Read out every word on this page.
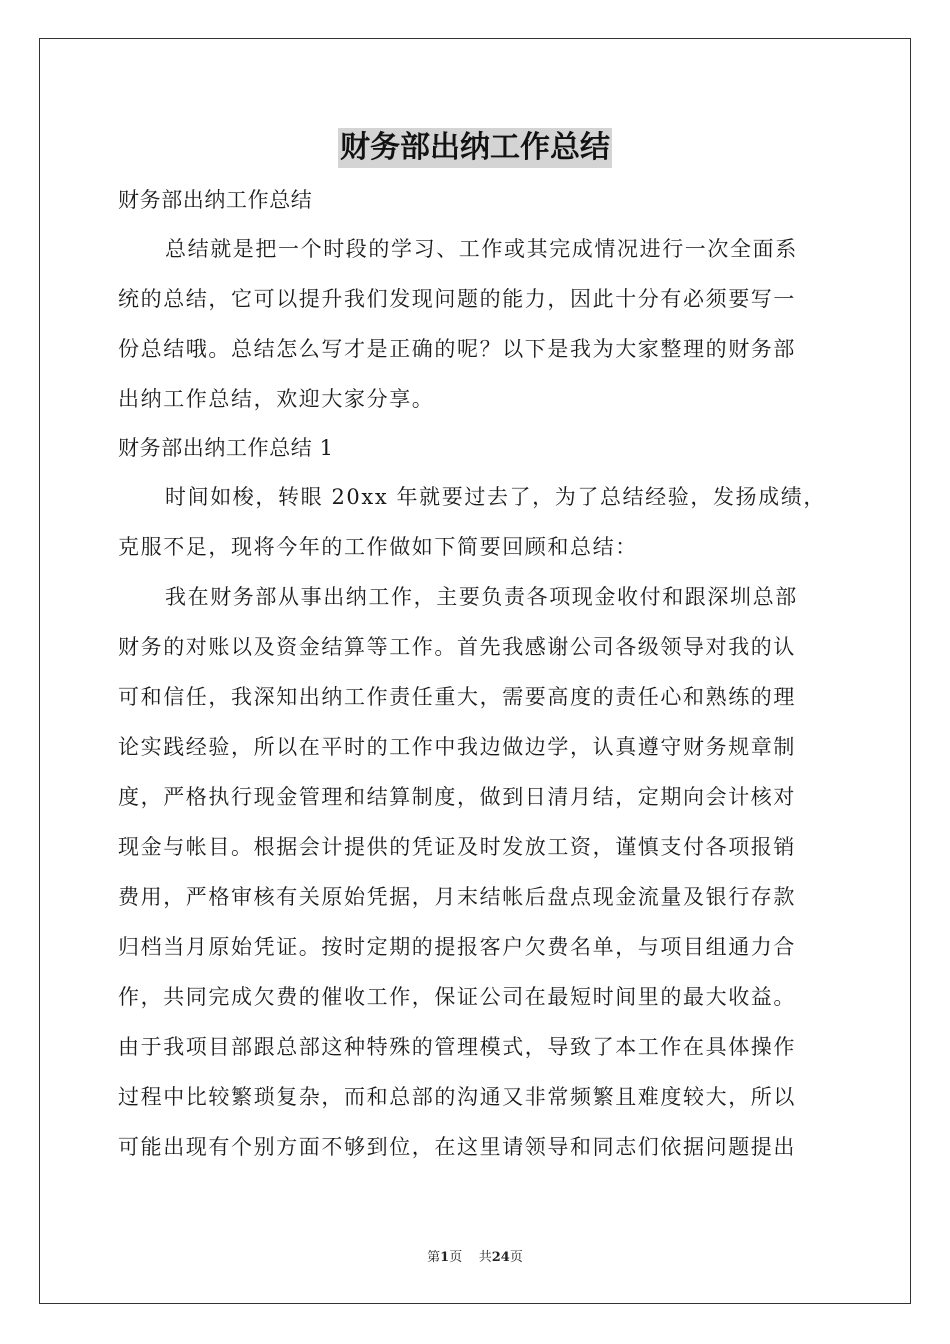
财务部出纳工作总结
财务部出纳工作总结
总结就是把一个时段的学习、工作或其完成情况进行一次全面系
统的总结，它可以提升我们发现问题的能力，因此十分有必须要写一
份总结哦。总结怎么写才是正确的呢？以下是我为大家整理的财务部
出纳工作总结，欢迎大家分享。
财务部出纳工作总结 1
时间如梭，转眼 20xx 年就要过去了，为了总结经验，发扬成绩，
克服不足，现将今年的工作做如下简要回顾和总结：
我在财务部从事出纳工作，主要负责各项现金收付和跟深圳总部
财务的对账以及资金结算等工作。首先我感谢公司各级领导对我的认
可和信任，我深知出纳工作责任重大，需要高度的责任心和熟练的理
论实践经验，所以在平时的工作中我边做边学，认真遵守财务规章制
度，严格执行现金管理和结算制度，做到日清月结，定期向会计核对
现金与帐目。根据会计提供的凭证及时发放工资，谨慎支付各项报销
费用，严格审核有关原始凭据，月末结帐后盘点现金流量及银行存款
归档当月原始凭证。按时定期的提报客户欠费名单，与项目组通力合
作，共同完成欠费的催收工作，保证公司在最短时间里的最大收益。
由于我项目部跟总部这种特殊的管理模式，导致了本工作在具体操作
过程中比较繁琐复杂，而和总部的沟通又非常频繁且难度较大，所以
可能出现有个别方面不够到位，在这里请领导和同志们依据问题提出
第1页 共24页
